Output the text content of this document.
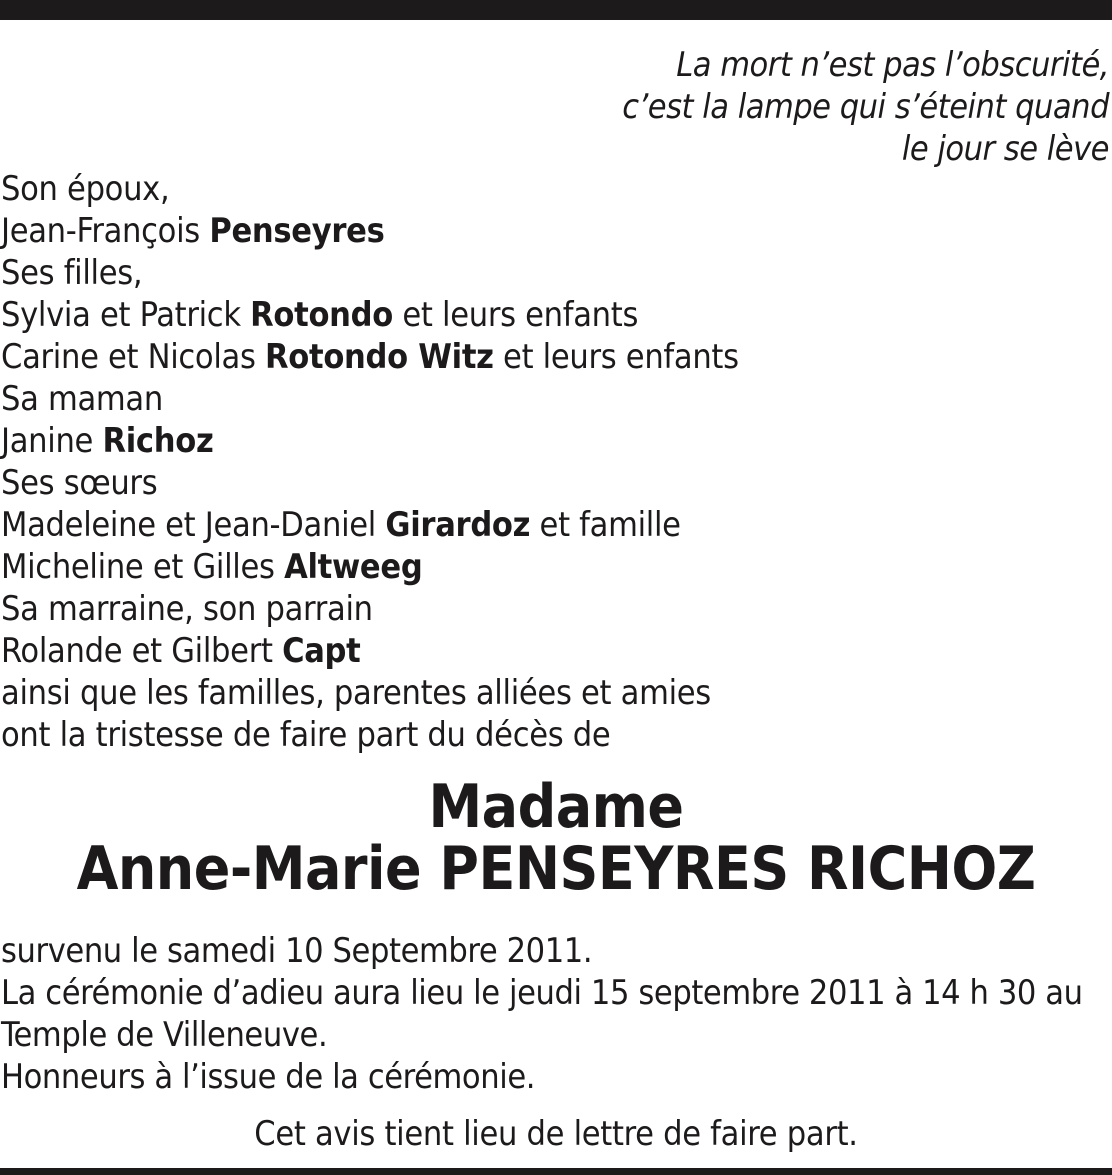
La mort n’est pas l’obscurité,
c’est la lampe qui s’éteint quand
le jour se lève
Son époux,
Jean-François Penseyres
Ses filles,
Sylvia et Patrick Rotondo et leurs enfants
Carine et Nicolas Rotondo Witz et leurs enfants
Sa maman
Janine Richoz
Ses sœurs
Madeleine et Jean-Daniel Girardoz et famille
Micheline et Gilles Altweeg
Sa marraine, son parrain
Rolande et Gilbert Capt
ainsi que les familles, parentes alliées et amies
ont la tristesse de faire part du décès de
Madame
Anne-Marie PENSEYRES RICHOZ
survenu le samedi 10 Septembre 2011.
La cérémonie d’adieu aura lieu le jeudi 15 septembre 2011 à 14 h 30 au
Temple de Villeneuve.
Honneurs à l’issue de la cérémonie.
Cet avis tient lieu de lettre de faire part.
